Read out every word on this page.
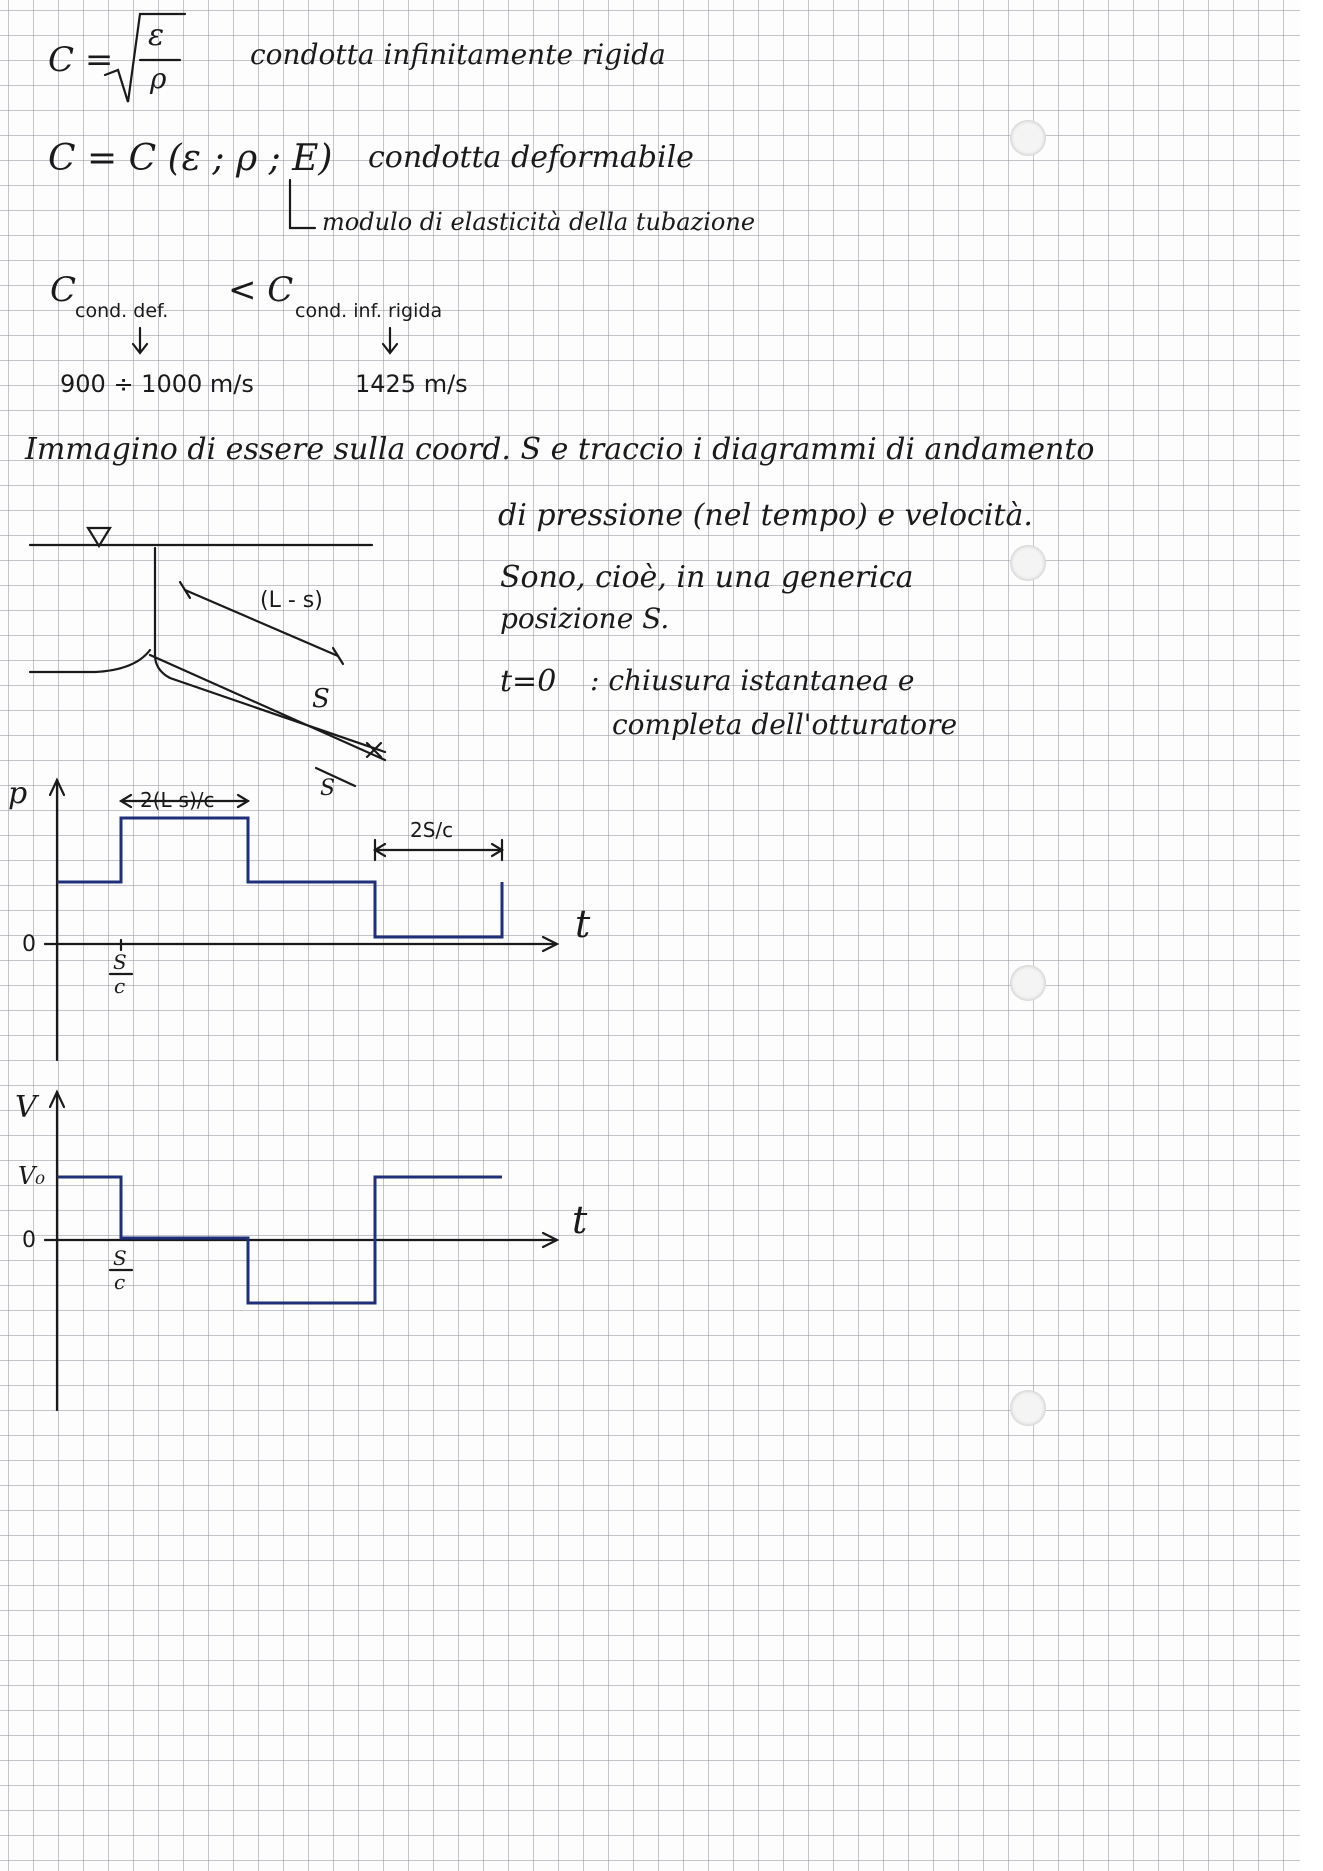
C =
ε
ρ
condotta infinitamente rigida
C = C (ε ; ρ ; E) condotta deformabile
modulo di elasticità della tubazione
C
cond. def.
< C
cond. inf. rigida
900 ÷ 1000 m/s	1425 m/s
Immagino di essere sulla coord. S e traccio i diagrammi di andamento
di pressione (nel tempo) e velocità.
Sono, cioè, in una generica
posizione S.
t=0 : chiusura istantanea e
completa dell'otturatore
(L - s)
S
S
p
t
0
2(L-s)/c
2S/c
S
c
V
t
0
V₀
S
c
